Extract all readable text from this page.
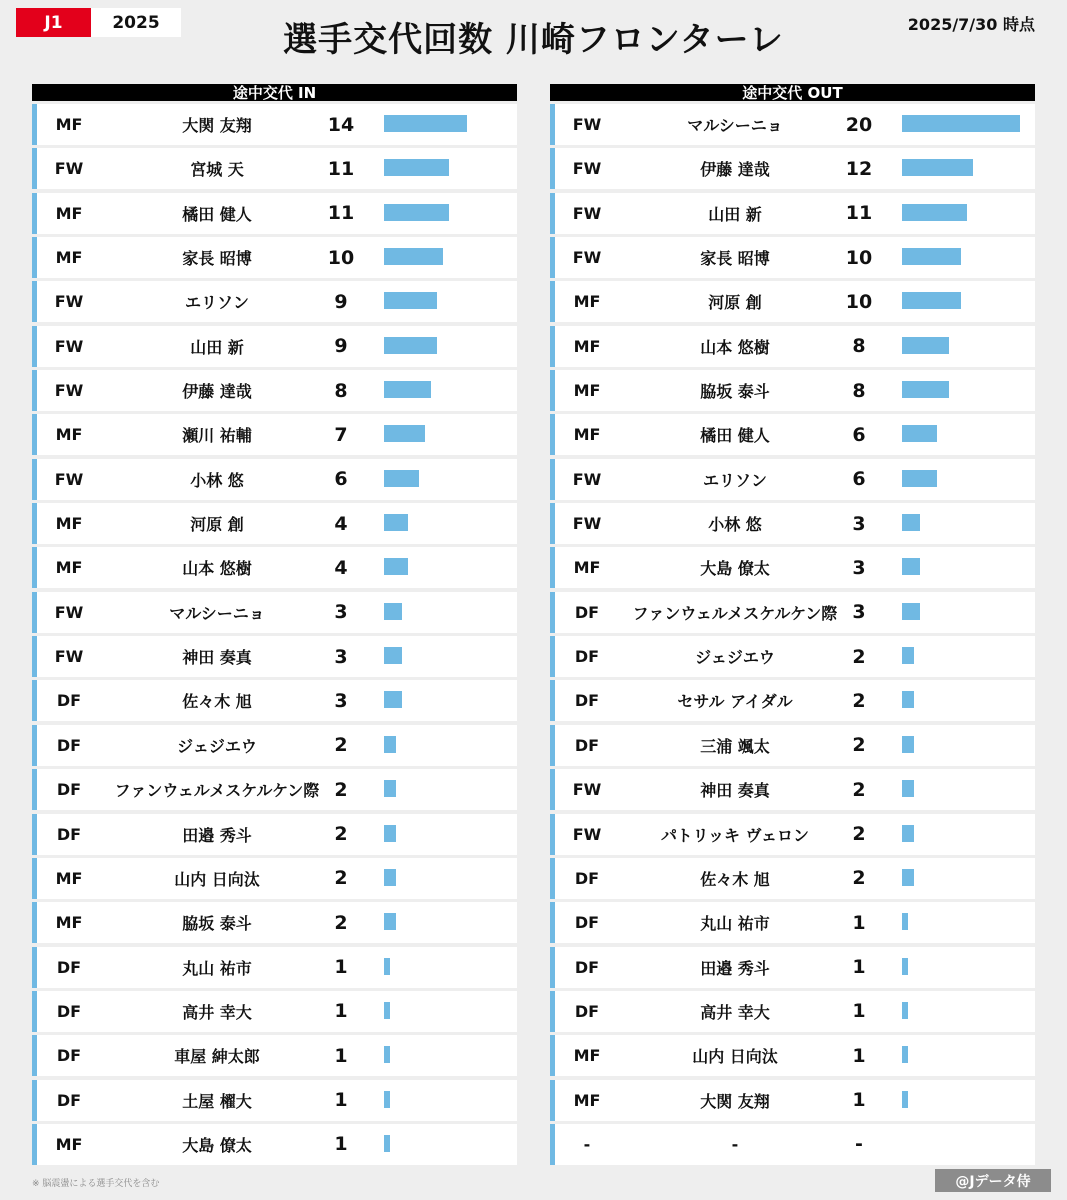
J1	2025	選手交代回数 川崎フロンターレ	2025/7/30 時点
途中交代 IN
MF	大関 友翔	14
FW	宮城 天	11
MF	橘田 健人	11
MF	家長 昭博	10
FW	エリソン	9
FW	山田 新	9
FW	伊藤 達哉	8
MF	瀬川 祐輔	7
FW	小林 悠	6
MF	河原 創	4
MF	山本 悠樹	4
FW	マルシーニョ	3
FW	神田 奏真	3
DF	佐々木 旭	3
DF	ジェジエウ	2
DF	ファンウェルメスケルケン際 2
DF	田邉 秀斗	2
MF	山内 日向汰	2
MF	脇坂 泰斗	2
DF	丸山 祐市	1
DF	高井 幸大	1
DF	車屋 紳太郎	1
DF	土屋 櫂大	1
MF	大島 僚太	1
途中交代 OUT
FW	マルシーニョ	20
FW	伊藤 達哉	12
FW	山田 新	11
FW	家長 昭博	10
MF	河原 創	10
MF	山本 悠樹	8
MF	脇坂 泰斗	8
MF	橘田 健人	6
FW	エリソン	6
FW	小林 悠	3
MF	大島 僚太	3
DF	ファンウェルメスケルケン際 3
DF	ジェジエウ	2
DF	セサル アイダル	2
DF	三浦 颯太	2
FW	神田 奏真	2
FW	パトリッキ ヴェロン	2
DF	佐々木 旭	2
DF	丸山 祐市	1
DF	田邉 秀斗	1
DF	高井 幸大	1
MF	山内 日向汰	1
MF	大関 友翔	1
-	-	-
※ 脳震盪による選手交代を含む	@Jデータ侍
